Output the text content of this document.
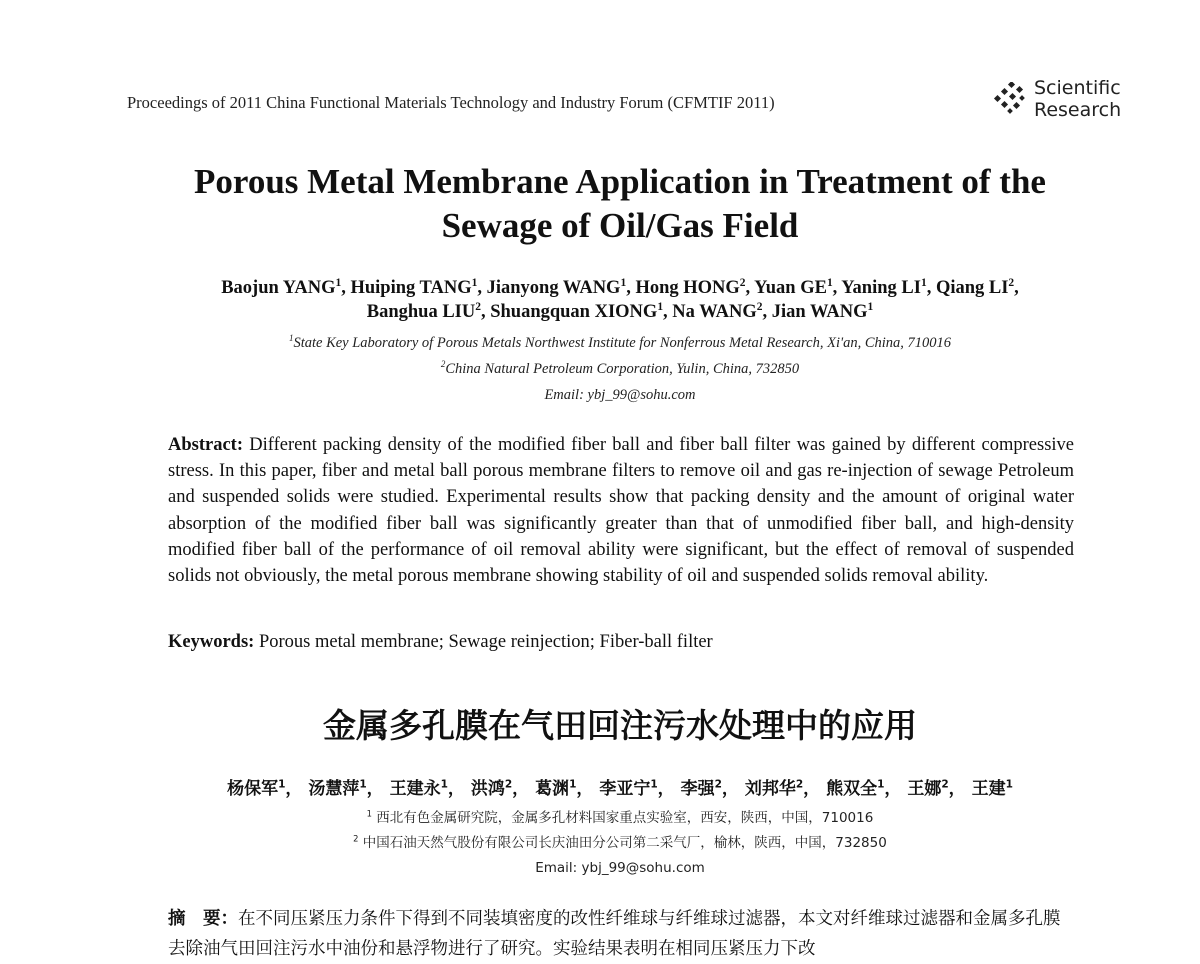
Proceedings of 2011 China Functional Materials Technology and Industry Forum (CFMTIF 2011)
Scientific
Research
Porous Metal Membrane Application in Treatment of the
Sewage of Oil/Gas Field
Baojun YANG$^1$, Huiping TANG$^1$, Jianyong WANG$^1$, Hong HONG$^2$, Yuan $GE^1$, Yaning $LI^1$, Qiang $LI^2$,
Banghua LIU$^2$, Shuangquan XIONG$^1$, Na WANG$^2$, Jian WANG$^1$
$^1$State Key Laboratory of Porous Metals Northwest Institute for Nonferrous Metal Research, Xi'an, China, 710016
$^2$China Natural Petroleum Corporation, Yulin, China, 732850
Email: ybj_99@sohu.com
Abstract: Different packing density of the modified fiber ball and fiber ball filter was gained by different compressive stress. In this paper, fiber and metal ball porous membrane filters to remove oil and gas re-injection of sewage Petroleum and suspended solids were studied. Experimental results show that packing density and the amount of original water absorption of the modified fiber ball was significantly greater than that of unmodified fiber ball, and high-density modified fiber ball of the performance of oil removal ability were significant, but the effect of removal of suspended solids not obviously, the metal porous membrane showing stability of oil and suspended solids removal ability.
Keywords: Porous metal membrane; Sewage reinjection; Fiber-ball filter
金属多孔膜在气田回注污水处理中的应用
杨保军$^1$， 汤慧萍$^1$， 王建永$^1$， 洪鸿$^2$， 葛渊$^1$， 李亚宁$^1$， 李强$^2$， 刘邦华$^2$， 熊双全$^1$， 王娜$^2$， 王建$^1$
$^1$ 西北有色金属研究院，金属多孔材料国家重点实验室，西安，陕西，中国，710016
$^2$ 中国石油天然气股份有限公司长庆油田分公司第二采气厂，榆林，陕西，中国，732850
Email: ybj_99@sohu.com
摘　要：在不同压紧压力条件下得到不同装填密度的改性纤维球与纤维球过滤器，本文对纤维球过滤器和金属多孔膜去除油气田回注污水中油份和悬浮物进行了研究。实验结果表明在相同压紧压力下改
